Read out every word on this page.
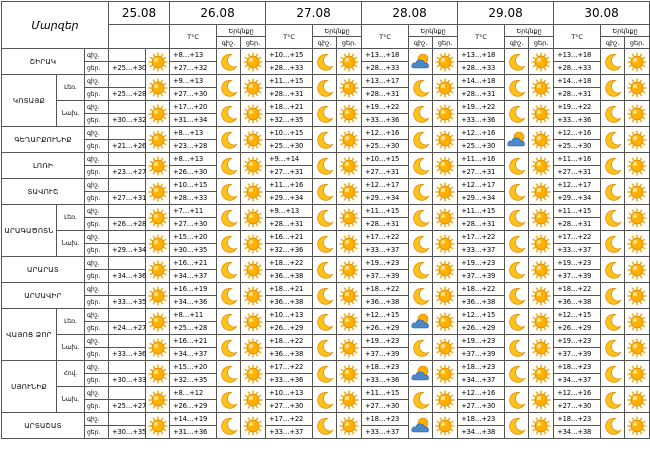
Մարզեր			25.08		26.08			27.08			28.08			29.08			30.08		
					T°C	Երկնքը		T°C	Երկնքը		T°C	Երկնքը		T°C	Երկնքը		T°C	Երկնքը	
						գիշ.	ցեր.		գիշ.	ցեր.		գիշ.	ցեր.		գիշ.	ցեր.		գիշ.	ցեր.
ՇԻՐԱԿ		գիշ.			+8…+13			+10…+15			+13…+18			+13…+18			+13…+18	

		ցեր.	+25…+30		+27…+32			+28…+33			+28…+33			+28…+33			+28…+33		
ԿՈՏԱՅՔ	Լեռ.	գիշ.			+9…+13			+11…+15			+13…+17			+14…+18			+14…+18	

		ցեր.	+25…+28		+27…+30			+28…+31			+28…+31			+28…+31			+28…+31		
	Նախ.	գիշ.			+17…+20			+18…+21			+19…+22			+19…+22			+19…+22	

		ցեր.	+30…+32		+31…+34			+32…+35			+33…+36			+33…+36			+33…+36		
ԳԵՂԱՐՔՈՒՆԻՔ		գիշ.			+8…+13			+10…+15			+12…+16			+12…+16			+12…+16	

		ցեր.	+21…+26		+23…+28			+25…+30			+25…+30			+25…+30			+25…+30		
ԼՈՌԻ		գիշ.			+8…+13			+9…+14			+10…+15			+11…+16			+11…+16	

		ցեր.	+23…+27		+26…+30			+27…+31			+27…+31			+27…+31			+27…+31		
ՏԱՎՈՒՇ		գիշ.			+10…+15			+11…+16			+12…+17			+12…+17			+12…+17	

		ցեր.	+27…+31		+28…+33			+29…+34			+29…+34			+29…+34			+29…+34		
ԱՐԱԳԱԾՈՏՆ	Լեռ.	գիշ.			+7…+11			+9…+13			+11…+15			+11…+15			+11…+15	

		ցեր.	+26…+28		+27…+30			+28…+31			+28…+31			+28…+31			+28…+31		
	Նախ.	գիշ.			+15…+20			+16…+21			+17…+22			+17…+22			+17…+22	

		ցեր.	+29…+34		+30…+35			+32…+36			+33…+37			+33…+37			+33…+37		
ԱՐԱՐԱՏ		գիշ.			+16…+21			+18…+22			+19…+23			+19…+23			+19…+23	

		ցեր.	+34…+36		+34…+37			+36…+38			+37…+39			+37…+39			+37…+39		
ԱՐՄԱՎԻՐ		գիշ.			+16…+19			+18…+21			+18…+22			+18…+22			+18…+22	

		ցեր.	+33…+35		+34…+36			+36…+38			+36…+38			+36…+38			+36…+38		
ՎԱՅՈՑ ՁՈՐ	Լեռ.	գիշ.			+8…+11			+10…+13			+12…+15			+12…+15			+12…+15	

		ցեր.	+24…+27		+25…+28			+26…+29			+26…+29			+26…+29			+26…+29		
	Նախ.	գիշ.			+16…+21			+18…+22			+19…+23			+19…+23			+19…+23	

		ցեր.	+33…+36		+34…+37			+36…+38			+37…+39			+37…+39			+37…+39		
ՍՅՈՒՆԻՔ	Հով.	գիշ.			+15…+20			+17…+22			+18…+23			+18…+23			+18…+23	

		ցեր.	+30…+33		+32…+35			+33…+36			+33…+36			+34…+37			+34…+37		
	Նախ.	գիշ.			+8…+12			+10…+13			+11…+15			+12…+16			+12…+16	

		ցեր.	+25…+27		+26…+29			+27…+30			+27…+30			+27…+30			+27…+30		
ԱՐՏԱՇԱՏ		գիշ.			+14…+19			+17…+22			+18…+23			+18…+23			+18…+23	

		ցեր.	+30…+35		+31…+36			+33…+37			+33…+37			+34…+38			+34…+38		
